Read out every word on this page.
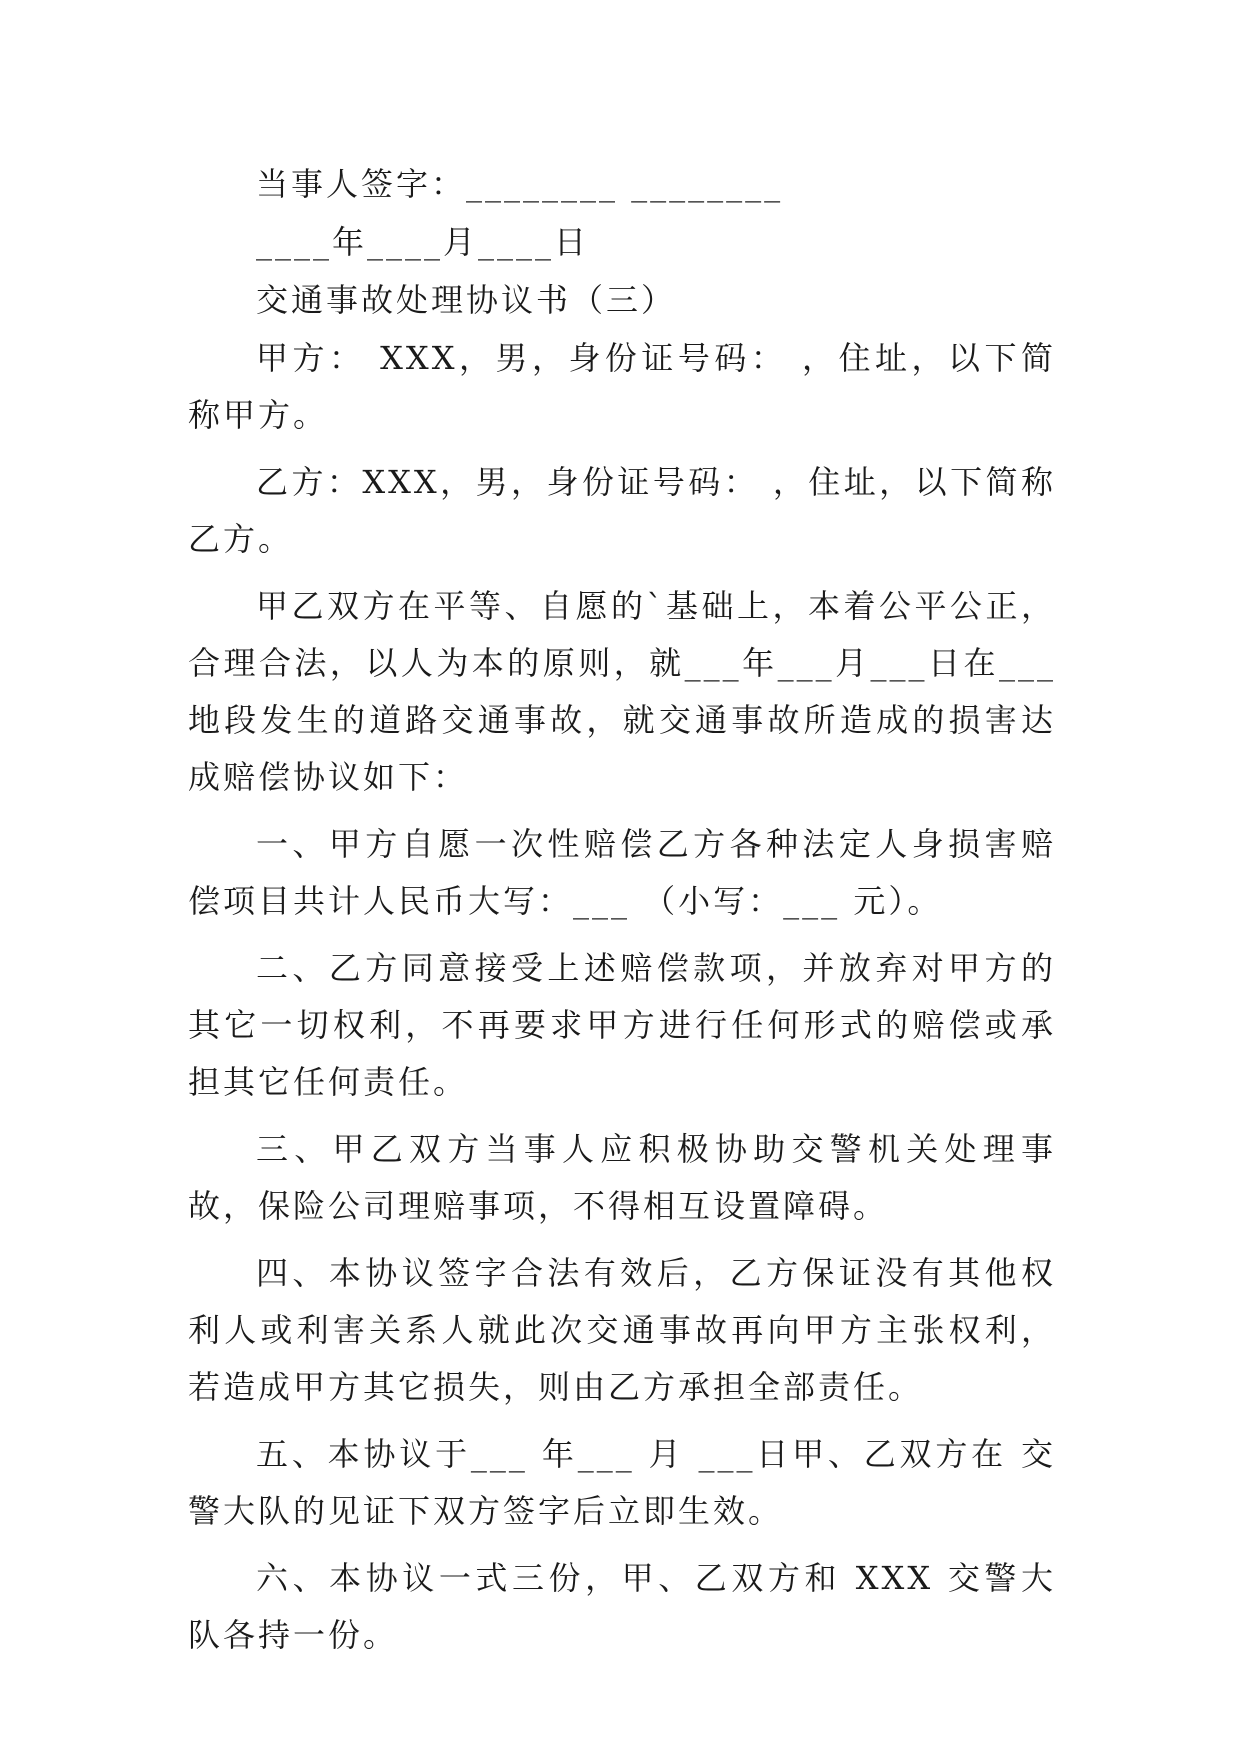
当事人签字：________ ________

____年____月____日

交通事故处理协议书（三）

甲方： XXX，男，身份证号码： ，住址，以下简称甲方。

乙方：XXX，男，身份证号码： ，住址，以下简称乙方。

甲乙双方在平等、自愿的`基础上，本着公平公正，合理合法，以人为本的原则，就___年___月___日在___地段发生的道路交通事故，就交通事故所造成的损害达成赔偿协议如下：

一、甲方自愿一次性赔偿乙方各种法定人身损害赔偿项目共计人民币大写：___ （小写：___ 元）。

二、乙方同意接受上述赔偿款项，并放弃对甲方的其它一切权利，不再要求甲方进行任何形式的赔偿或承担其它任何责任。

三、甲乙双方当事人应积极协助交警机关处理事故，保险公司理赔事项，不得相互设置障碍。

四、本协议签字合法有效后，乙方保证没有其他权利人或利害关系人就此次交通事故再向甲方主张权利，若造成甲方其它损失，则由乙方承担全部责任。

五、本协议于___ 年___ 月 ___日甲、乙双方在 交警大队的见证下双方签字后立即生效。

六、本协议一式三份，甲、乙双方和 XXX 交警大队各持一份。
